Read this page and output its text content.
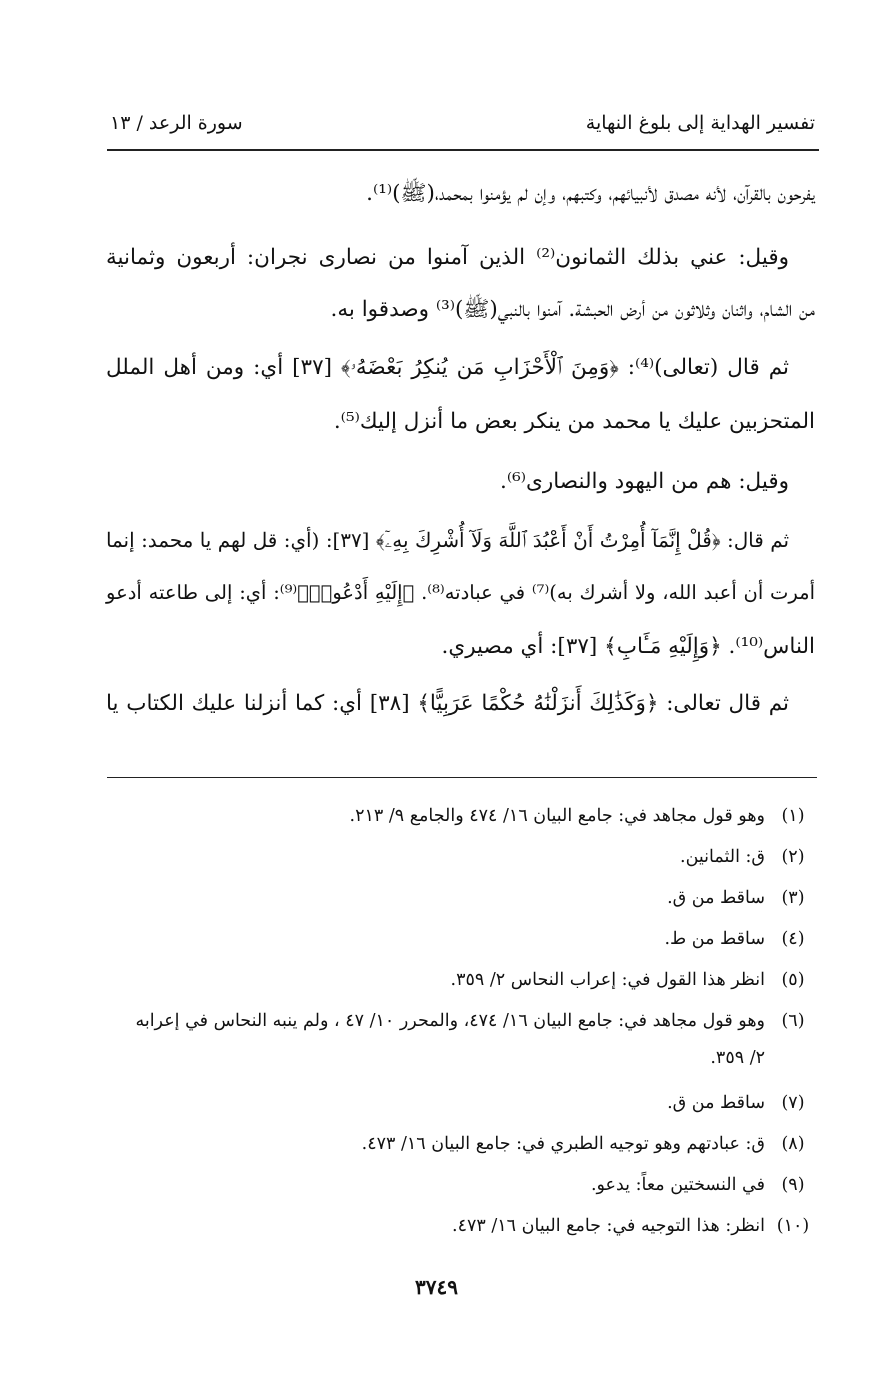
تفسير الهداية إلى بلوغ النهاية
سورة الرعد / ١٣
يفرحون بالقرآن، لأنه مصدق لأنبيائهم، وكتبهم، وإن لم يؤمنوا بمحمد،(ﷺ)⁽¹⁾.
وقيل: عني بذلك الثمانون⁽²⁾ الذين آمنوا من نصارى نجران: أربعون وثمانية
من الشام، واثنان وثلاثون من أرض الحبشة. آمنوا بالنبي(ﷺ)⁽³⁾ وصدقوا به.
ثم قال (تعالى)⁽⁴⁾: ﴿وَمِنَ ٱلْأَحْزَابِ مَن يُنكِرُ بَعْضَهُۥ﴾ [٣٧] أي: ومن أهل الملل
المتحزبين عليك يا محمد من ينكر بعض ما أنزل إليك⁽⁵⁾.
وقيل: هم من اليهود والنصارى⁽⁶⁾.
ثم قال: ﴿قُلْ إِنَّمَآ أُمِرْتُ أَنْ أَعْبُدَ ٱللَّهَ وَلَآ أُشْرِكَ بِهِۦٓ﴾ [٣٧]: (أي: قل لهم يا محمد: إنما
أمرت أن أعبد الله، ولا أشرك به)⁽⁷⁾ في عبادته⁽⁸⁾. ﴿إِلَيْهِ أَدْعُوا۟﴾⁽⁹⁾: أي: إلى طاعته أدعو
الناس⁽¹⁰⁾. ﴿وَإِلَيْهِ مَـَٔابِ﴾ [٣٧]: أي مصيري.
ثم قال تعالى: ﴿وَكَذَٰلِكَ أَنزَلْنَٰهُ حُكْمًا عَرَبِيًّا﴾ [٣٨] أي: كما أنزلنا عليك الكتاب يا
(١)وهو قول مجاهد في: جامع البيان ١٦/ ٤٧٤ والجامع ٩/ ٢١٣.
(٢)ق: الثمانين.
(٣)ساقط من ق.
(٤)ساقط من ط.
(٥)انظر هذا القول في: إعراب النحاس ٢/ ٣٥٩.
(٦)وهو قول مجاهد في: جامع البيان ١٦/ ٤٧٤، والمحرر ١٠/ ٤٧ ، ولم ينبه النحاس في إعرابه
٢/ ٣٥٩.
(٧)ساقط من ق.
(٨)ق: عبادتهم وهو توجيه الطبري في: جامع البيان ١٦/ ٤٧٣.
(٩)في النسختين معاً: يدعو.
(١٠)انظر: هذا التوجيه في: جامع البيان ١٦/ ٤٧٣.
٣٧٤٩
